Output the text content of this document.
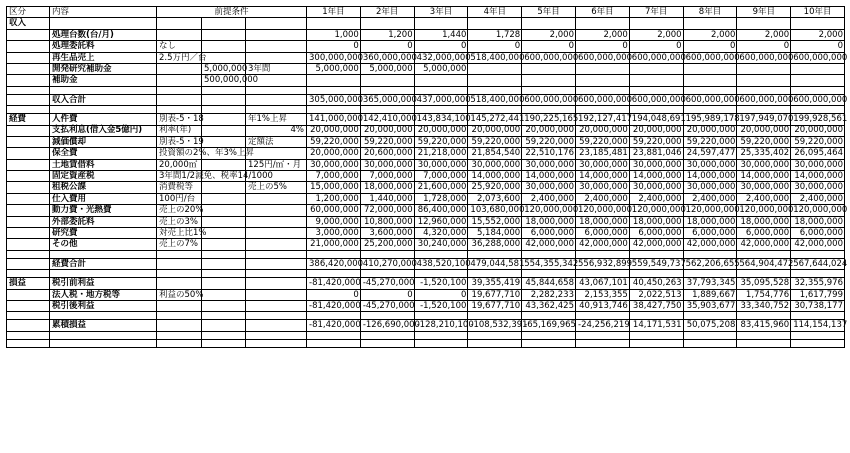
区分	内容	前提条件			1年目	2年目	3年目	4年目	5年目	6年目	7年目	8年目	9年目	10年目
収入														
	処理台数(台/月)				1,000	1,200	1,440	1,728	2,000	2,000	2,000	2,000	2,000	2,000
	処理委託料	なし			0	0	0	0	0	0	0	0	0	0
	再生品売上	2.5万円／台			300,000,000	360,000,000	432,000,000	518,400,000	600,000,000	600,000,000	600,000,000	600,000,000	600,000,000	600,000,000
	開発研究補助金		5,000,000	3年間	5,000,000	5,000,000	5,000,000							
	補助金		500,000,000											

	収入合計				305,000,000	365,000,000	437,000,000	518,400,000	600,000,000	600,000,000	600,000,000	600,000,000	600,000,000	600,000,000

経費	人件費	別表-5・18		年1%上昇	141,000,000	142,410,000	143,834,100	145,272,441	190,225,165	192,127,417	194,048,691	195,989,178	197,949,070	199,928,561
	支払利息(借入金5億円)	利率(年)		4%	20,000,000	20,000,000	20,000,000	20,000,000	20,000,000	20,000,000	20,000,000	20,000,000	20,000,000	20,000,000
	減価償却	別表-5・19		定額法	59,220,000	59,220,000	59,220,000	59,220,000	59,220,000	59,220,000	59,220,000	59,220,000	59,220,000	59,220,000
	保全費	投資額の2%、年3%上昇			20,000,000	20,600,000	21,218,000	21,854,540	22,510,176	23,185,481	23,881,046	24,597,477	25,335,402	26,095,464
	土地賃借料	20,000㎡		125円/㎡・月	30,000,000	30,000,000	30,000,000	30,000,000	30,000,000	30,000,000	30,000,000	30,000,000	30,000,000	30,000,000
	固定資産税	3年間1/2減免、税率14/1000			7,000,000	7,000,000	7,000,000	14,000,000	14,000,000	14,000,000	14,000,000	14,000,000	14,000,000	14,000,000
	租税公課	消費税等		売上の5%	15,000,000	18,000,000	21,600,000	25,920,000	30,000,000	30,000,000	30,000,000	30,000,000	30,000,000	30,000,000
	仕入費用	100円/台			1,200,000	1,440,000	1,728,000	2,073,600	2,400,000	2,400,000	2,400,000	2,400,000	2,400,000	2,400,000
	動力費・光熱費	売上の20%			60,000,000	72,000,000	86,400,000	103,680,000	120,000,000	120,000,000	120,000,000	120,000,000	120,000,000	120,000,000
	外部委託料	売上の3%			9,000,000	10,800,000	12,960,000	15,552,000	18,000,000	18,000,000	18,000,000	18,000,000	18,000,000	18,000,000
	研究費	対売上比1%			3,000,000	3,600,000	4,320,000	5,184,000	6,000,000	6,000,000	6,000,000	6,000,000	6,000,000	6,000,000
	その他	売上の7%			21,000,000	25,200,000	30,240,000	36,288,000	42,000,000	42,000,000	42,000,000	42,000,000	42,000,000	42,000,000

	経費合計				386,420,000	410,270,000	438,520,100	479,044,581	554,355,342	556,932,899	559,549,737	562,206,655	564,904,472	567,644,024

損益	税引前利益				-81,420,000	-45,270,000	-1,520,100	39,355,419	45,844,658	43,067,101	40,450,263	37,793,345	35,095,528	32,355,976
	法人税・地方税等	利益の50%			0	0	0	19,677,710	2,282,233	2,153,355	2,022,513	1,889,667	1,754,776	1,617,799
	税引後利益				-81,420,000	-45,270,000	-1,520,100	19,677,710	43,362,425	40,913,746	38,427,750	35,903,677	33,340,752	30,738,177

	累積損益				-81,420,000	-126,690,000	-128,210,100	-108,532,391	-65,169,965	-24,256,219	14,171,531	50,075,208	83,415,960	114,154,137
